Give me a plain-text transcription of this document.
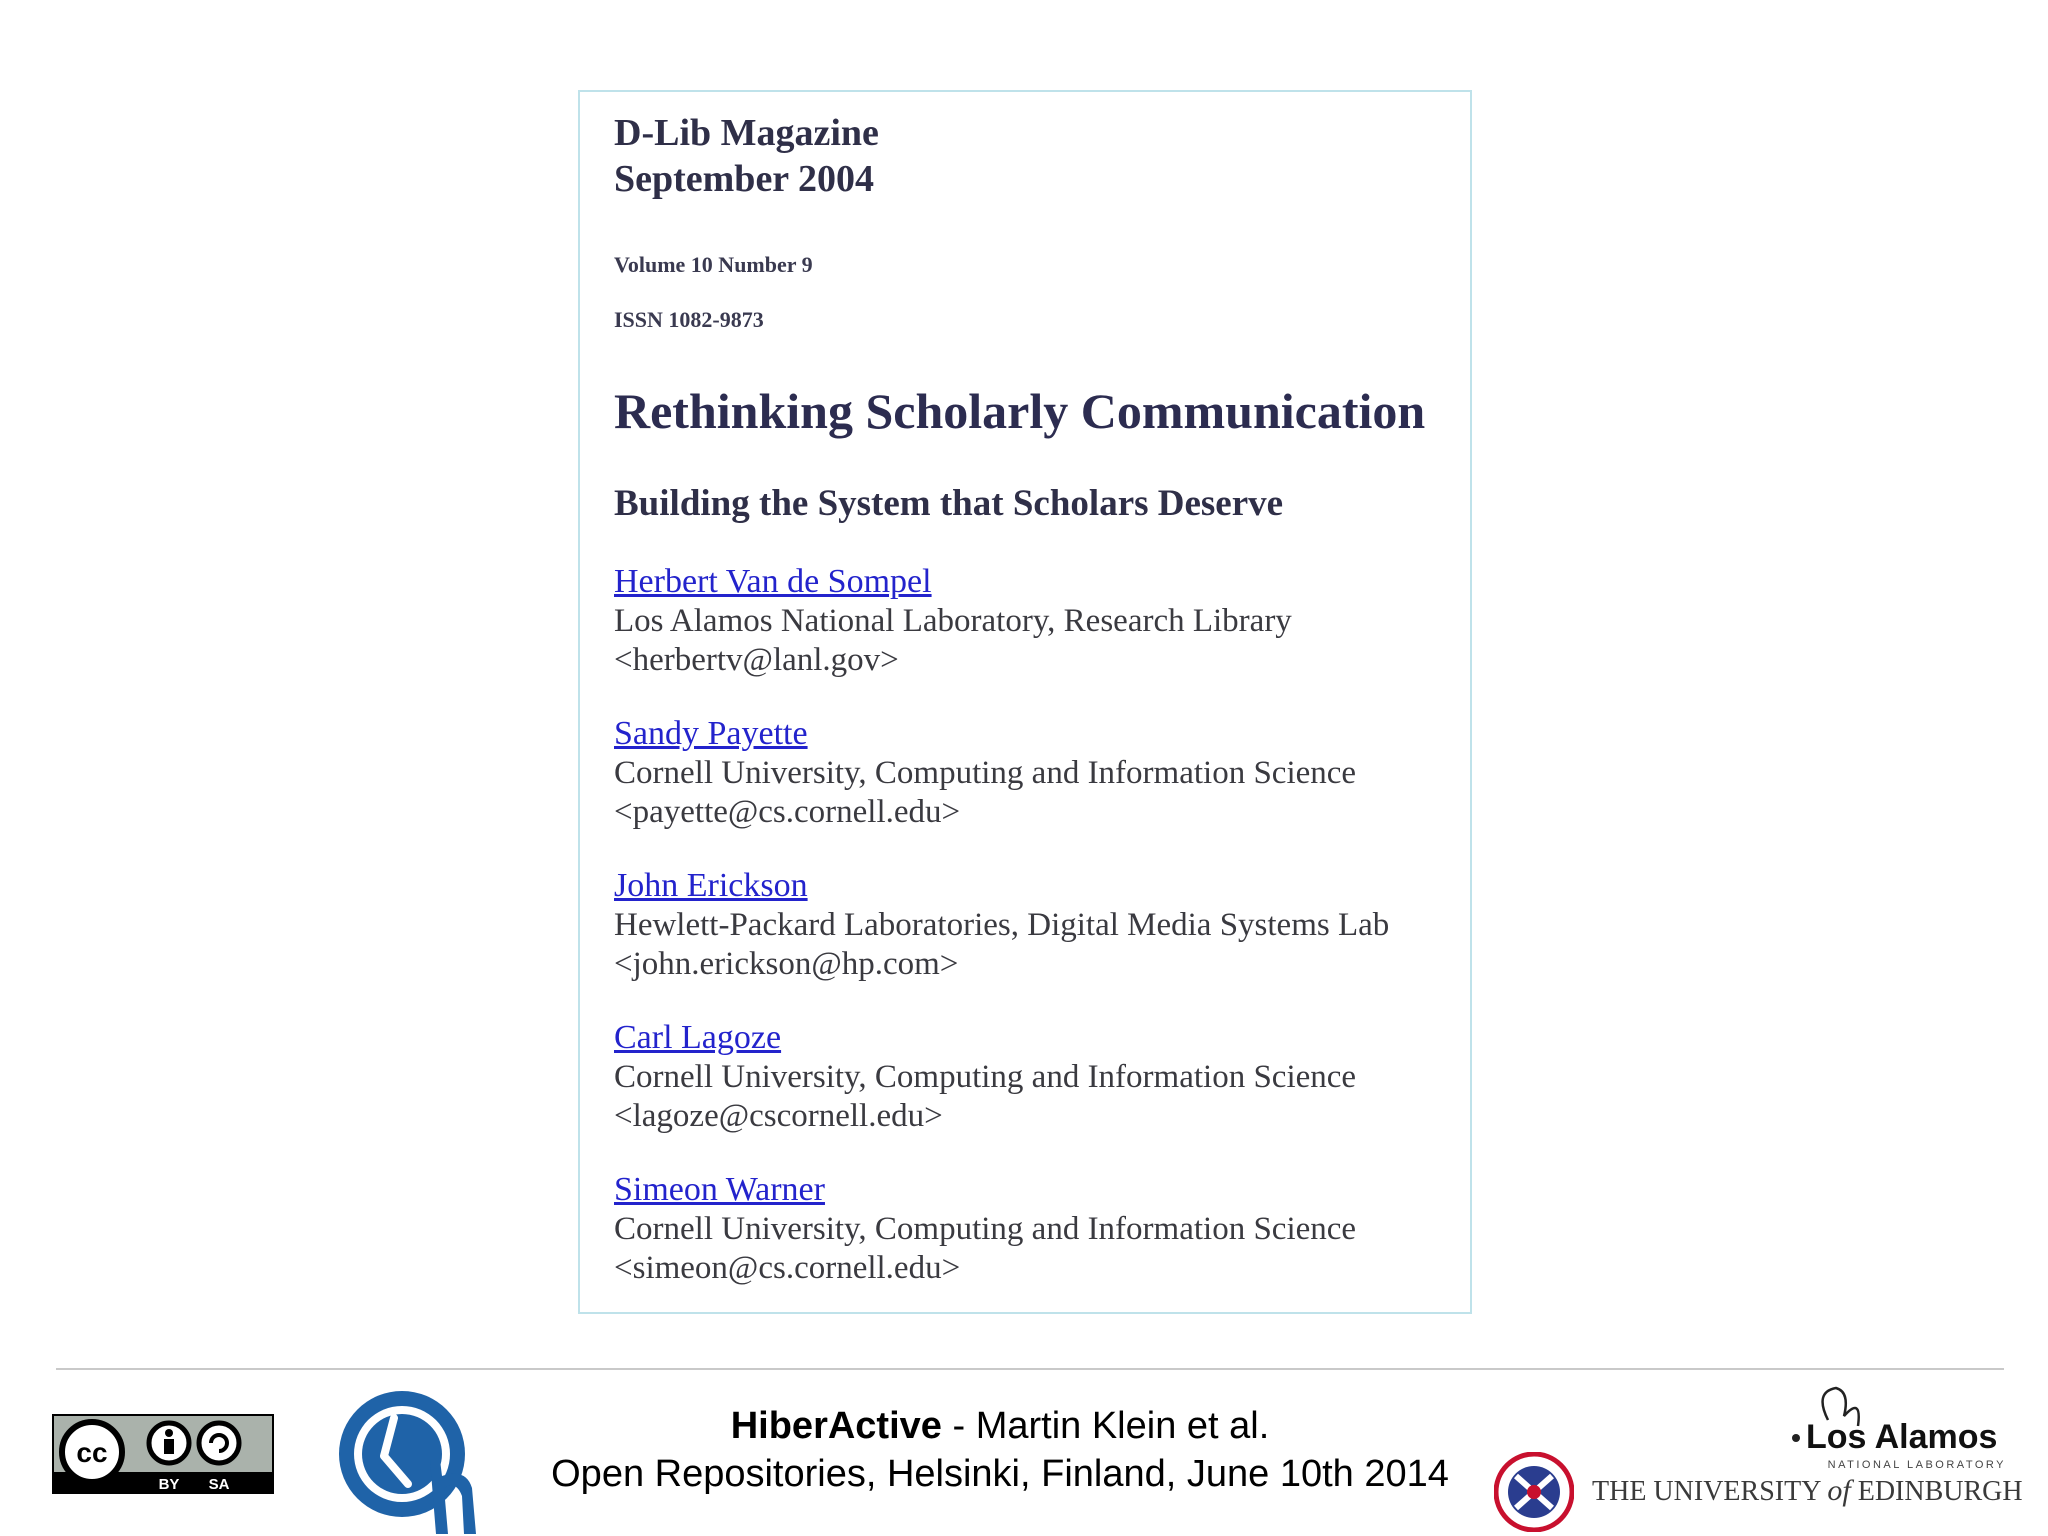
D-Lib Magazine
September 2004
Volume 10 Number 9
ISSN 1082-9873
Rethinking Scholarly Communication
Building the System that Scholars Deserve
Herbert Van de Sompel
Los Alamos National Laboratory, Research Library
<herbertv@lanl.gov>
Sandy Payette
Cornell University, Computing and Information Science
<payette@cs.cornell.edu>
John Erickson
Hewlett-Packard Laboratories, Digital Media Systems Lab
<john.erickson@hp.com>
Carl Lagoze
Cornell University, Computing and Information Science
<lagoze@cscornell.edu>
Simeon Warner
Cornell University, Computing and Information Science
<simeon@cs.cornell.edu>
cc
BY SA
HiberActive - Martin Klein et al.
Open Repositories, Helsinki, Finland, June 10th 2014
Los Alamos
NATIONAL LABORATORY
THE UNIVERSITY of EDINBURGH
